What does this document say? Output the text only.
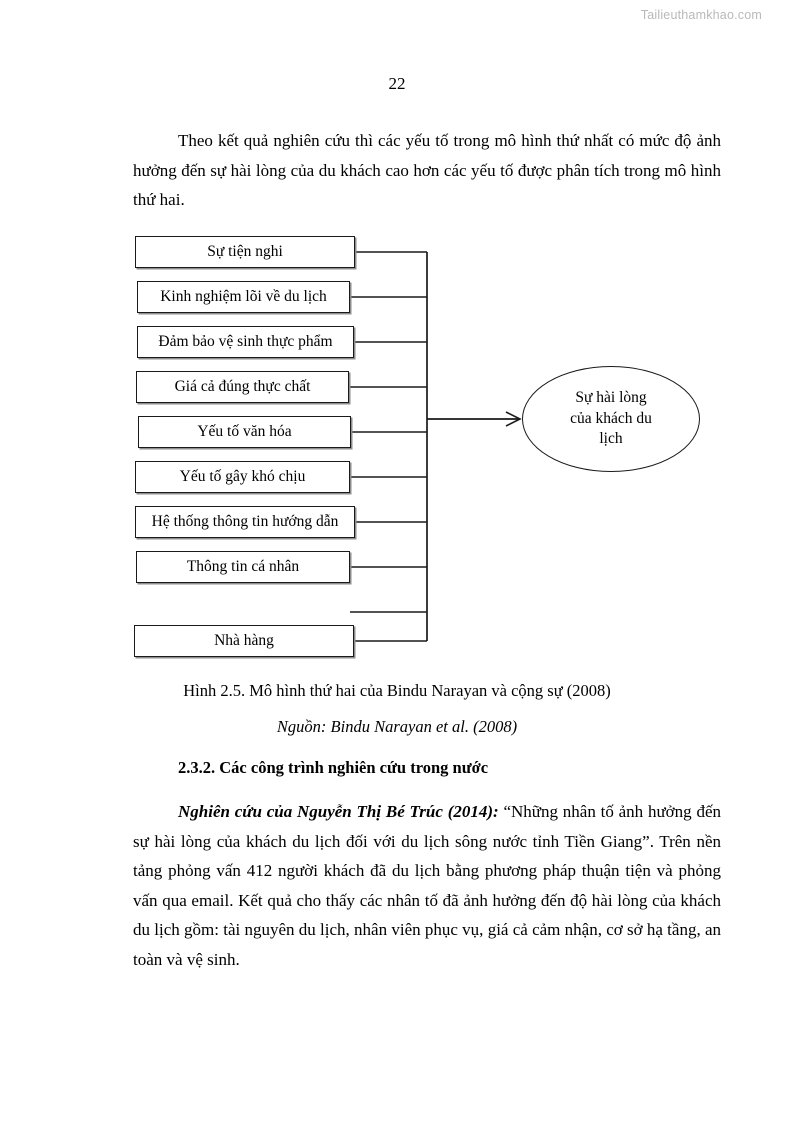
Tailieuthamkhao.com
22
Theo kết quả nghiên cứu thì các yếu tố trong mô hình thứ nhất có mức độ ảnh hưởng đến sự hài lòng của du khách cao hơn các yếu tố được phân tích trong mô hình thứ hai.
Sự tiện nghi
Kinh nghiệm lõi về du lịch
Đảm bảo vệ sinh thực phẩm
Giá cả đúng thực chất
Yếu tố văn hóa
Yếu tố gây khó chịu
Hệ thống thông tin hướng dẫn
Thông tin cá nhân
Nhà hàng
Sự hài lòng
của khách du
lịch
Hình 2.5. Mô hình thứ hai của Bindu Narayan và cộng sự (2008)
Nguồn: Bindu Narayan et al. (2008)
2.3.2. Các công trình nghiên cứu trong nước
Nghiên cứu của Nguyễn Thị Bé Trúc (2014): “Những nhân tố ảnh hưởng đến sự hài lòng của khách du lịch đối với du lịch sông nước tỉnh Tiền Giang”. Trên nền tảng phỏng vấn 412 người khách đã du lịch bằng phương pháp thuận tiện và phỏng vấn qua email. Kết quả cho thấy các nhân tố đã ảnh hưởng đến độ hài lòng của khách du lịch gồm: tài nguyên du lịch, nhân viên phục vụ, giá cả cảm nhận, cơ sở hạ tầng, an toàn và vệ sinh.
